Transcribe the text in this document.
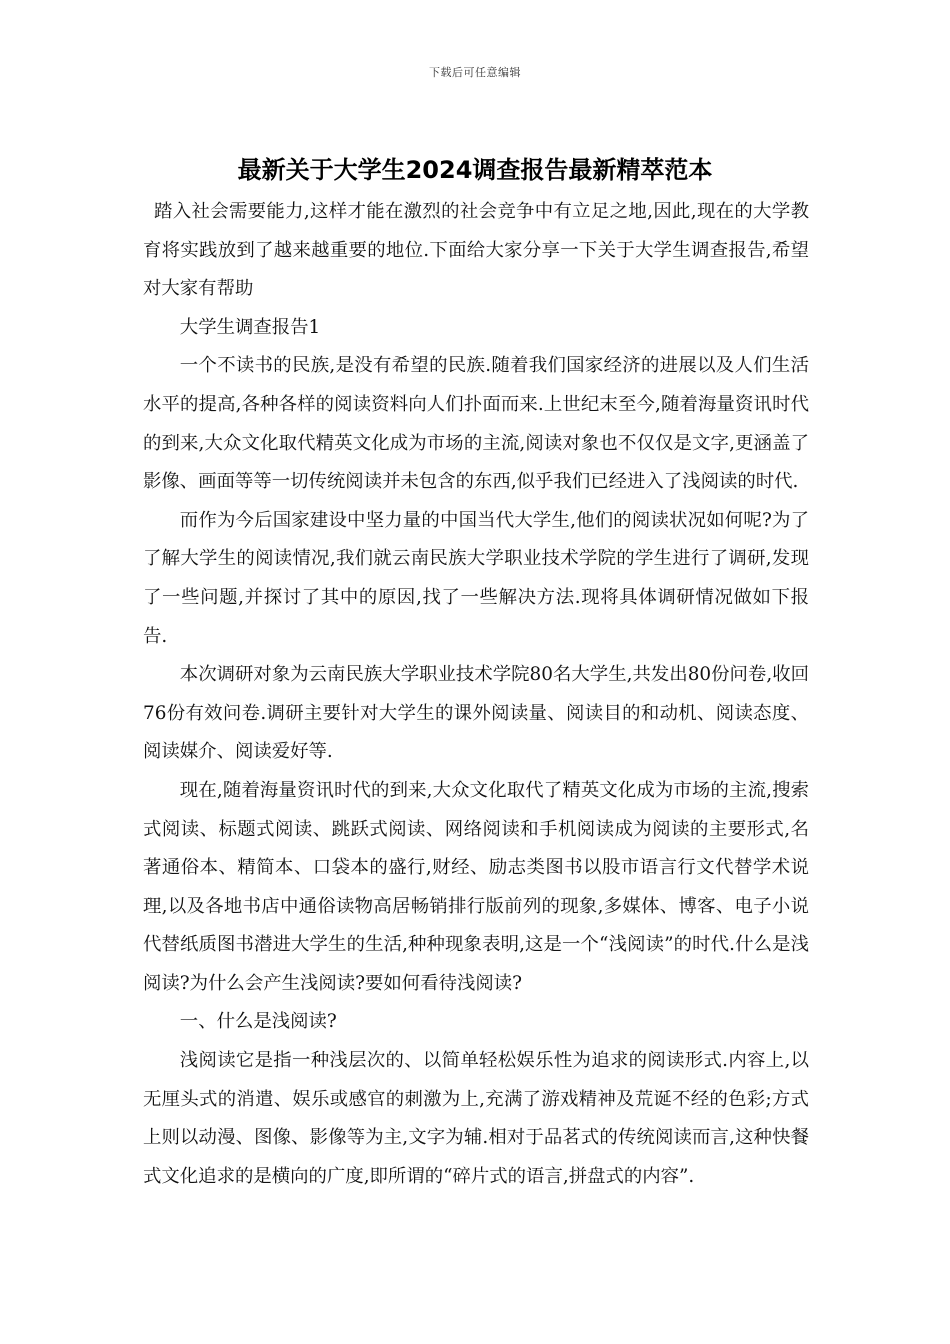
下载后可任意编辑
最新关于大学生2024调查报告最新精萃范本

踏入社会需要能力,这样才能在激烈的社会竞争中有立足之地,因此,现在的大学教育将实践放到了越来越重要的地位.下面给大家分享一下关于大学生调查报告,希望对大家有帮助

大学生调查报告1

一个不读书的民族,是没有希望的民族.随着我们国家经济的进展以及人们生活水平的提高,各种各样的阅读资料向人们扑面而来.上世纪末至今,随着海量资讯时代的到来,大众文化取代精英文化成为市场的主流,阅读对象也不仅仅是文字,更涵盖了影像、画面等等一切传统阅读并未包含的东西,似乎我们已经进入了浅阅读的时代.

而作为今后国家建设中坚力量的中国当代大学生,他们的阅读状况如何呢?为了了解大学生的阅读情况,我们就云南民族大学职业技术学院的学生进行了调研,发现了一些问题,并探讨了其中的原因,找了一些解决方法.现将具体调研情况做如下报告.

本次调研对象为云南民族大学职业技术学院80名大学生,共发出80份问卷,收回76份有效问卷.调研主要针对大学生的课外阅读量、阅读目的和动机、阅读态度、阅读媒介、阅读爱好等.

现在,随着海量资讯时代的到来,大众文化取代了精英文化成为市场的主流,搜索式阅读、标题式阅读、跳跃式阅读、网络阅读和手机阅读成为阅读的主要形式,名著通俗本、精简本、口袋本的盛行,财经、励志类图书以股市语言行文代替学术说理,以及各地书店中通俗读物高居畅销排行版前列的现象,多媒体、博客、电子小说代替纸质图书潜进大学生的生活,种种现象表明,这是一个“浅阅读”的时代.什么是浅阅读?为什么会产生浅阅读?要如何看待浅阅读?

一、什么是浅阅读?

浅阅读它是指一种浅层次的、以简单轻松娱乐性为追求的阅读形式.内容上,以无厘头式的消遣、娱乐或感官的刺激为上,充满了游戏精神及荒诞不经的色彩;方式上则以动漫、图像、影像等为主,文字为辅.相对于品茗式的传统阅读而言,这种快餐式文化追求的是横向的广度,即所谓的“碎片式的语言,拼盘式的内容”.
